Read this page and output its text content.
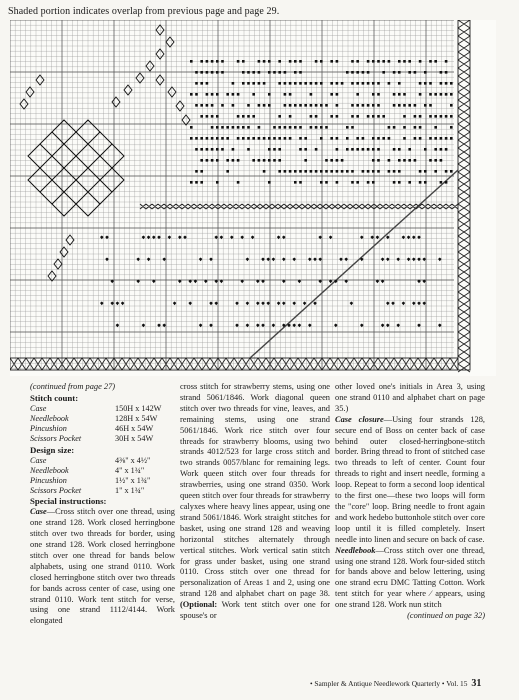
Shaded portion indicates overlap from previous page and page 29.

(continued from page 27)

Stitch count:

Case	150H x 142W
Needlebook	128H x 54W
Pincushion	46H x 54W
Scissors Pocket	30H x 54W

Design size:

Case	4⅜" x 4½"
Needlebook	4" x 1¾"
Pincushion	1½" x 1¾"
Scissors Pocket	1" x 1¾"

Special instructions:

Case—Cross stitch over one thread, using one strand 128. Work closed herringbone stitch over two threads for border, using one strand 128. Work closed herringbone stitch over one thread for bands below alphabets, using one strand 0110. Work closed herringbone stitch over two threads for bands across center of case, using one strand 0110. Work tent stitch for verse, using one strand 1112/4144. Work elongated

cross stitch for strawberry stems, using one strand 5061/1846. Work diagonal queen stitch over two threads for vine, leaves, and remaining stems, using one strand 5061/1846. Work rice stitch over four threads for strawberry blooms, using two strands 4012/523 for large cross stitch and two strands 0057/blanc for remaining legs. Work queen stitch over four threads for strawberries, using one strand 0350. Work queen stitch over four threads for strawberry calyxes where heavy lines appear, using one strand 5061/1846. Work straight stitches for basket, using one strand 128 and weaving horizontal stitches alternately through vertical stitches. Work vertical satin stitch for grass under basket, using one strand 0110. Cross stitch over one thread for personalization of Areas 1 and 2, using one strand 128 and alphabet chart on page 38. (Optional: Work tent stitch over one for spouse's or

other loved one's initials in Area 3, using one strand 0110 and alphabet chart on page 35.)

Case closure—Using four strands 128, secure end of Boss on center back of case behind outer closed-herringbone-stitch border. Bring thread to front of stitched case two threads to left of center. Count four threads to right and insert needle, forming a loop. Repeat to form a second loop identical to the first one—these two loops will form the "core" loop. Bring needle to front again and work hedebo buttonhole stitch over core loop until it is filled completely. Insert needle into linen and secure on back of case.

Needlebook—Cross stitch over one thread, using one strand 128. Work four-sided stitch for bands above and below lettering, using one strand ecru DMC Tatting Cotton. Work tent stitch for year where ⁄ appears, using one strand 128. Work nun stitch

(continued on page 32)

• Sampler & Antique Needlework Quarterly • Vol. 15 31
